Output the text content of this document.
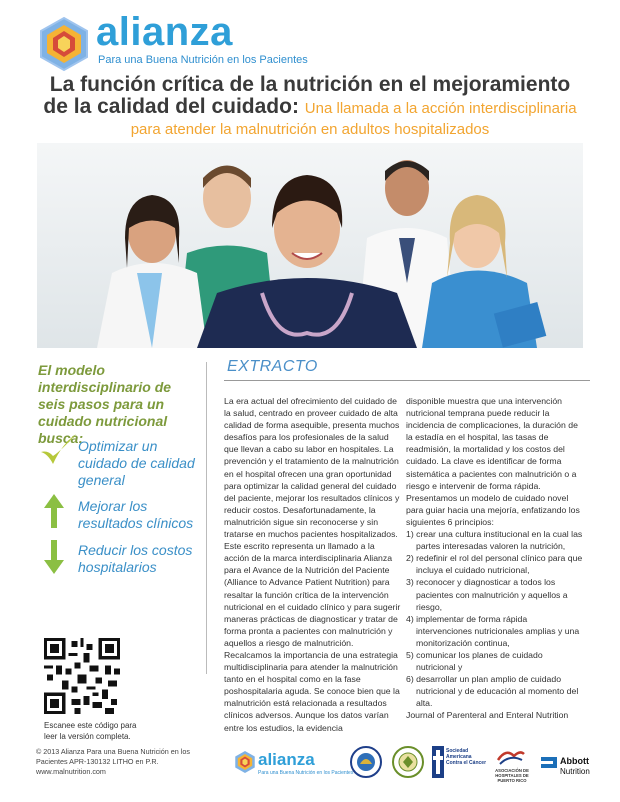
alianza
Para una Buena Nutrición en los Pacientes
La función crítica de la nutrición en el mejoramiento
de la calidad del cuidado: Una llamada a la acción interdisciplinaria
para atender la malnutrición en adultos hospitalizados
El modelo interdisciplinario de seis pasos para un cuidado nutricional busca:
Optimizar un cuidado de calidad general
Mejorar los resultados clínicos
Reducir los costos hospitalarios
Escanee este código para leer la versión completa.
© 2013 Alianza Para una Buena Nutrición en los Pacientes APR-130132 LITHO en P.R. www.malnutrition.com
EXTRACTO

La era actual del ofrecimiento del cuidado de la salud, centrado en proveer cuidado de alta calidad de forma asequible, presenta muchos desafíos para los profesionales de la salud que llevan a cabo su labor en hospitales. La prevención y el tratamiento de la malnutrición en el hospital ofrecen una gran oportunidad para optimizar la calidad general del cuidado del paciente, mejorar los resultados clínicos y reducir costos. Desafortunadamente, la malnutrición sigue sin reconocerse y sin tratarse en muchos pacientes hospitalizados. Este escrito representa un llamado a la acción de la marca interdisciplinaria Alianza para el Avance de la Nutrición del Paciente (Alliance to Advance Patient Nutrition) para resaltar la función crítica de la intervención nutricional en el cuidado clínico y para sugerir maneras prácticas de diagnosticar y tratar de forma pronta a pacientes con malnutrición y aquellos a riesgo de malnutrición. Recalcamos la importancia de una estrategia multidisciplinaria para atender la malnutrición tanto en el hospital como en la fase poshospitalaria aguda. Se conoce bien que la malnutrición está relacionada a resultados clínicos adversos. Aunque los datos varían entre los estudios, la evidencia

disponible muestra que una intervención nutricional temprana puede reducir la incidencia de complicaciones, la duración de la estadía en el hospital, las tasas de readmisión, la mortalidad y los costos del cuidado. La clave es identificar de forma sistemática a pacientes con malnutrición o a riesgo e intervenir de forma rápida. Presentamos un modelo de cuidado novel para guiar hacia una mejoría, enfatizando los siguientes 6 principios:

1) crear una cultura institucional en la cual las partes interesadas valoren la nutrición,
2) redefinir el rol del personal clínico para que incluya el cuidado nutricional,
3) reconocer y diagnosticar a todos los pacientes con malnutrición y aquellos a riesgo,
4) implementar de forma rápida intervenciones nutricionales amplias y una monitorización continua,
5) comunicar los planes de cuidado nutricional y
6) desarrollar un plan amplio de cuidado nutricional y de educación al momento del alta.

Journal of Parenteral and Enteral Nutrition

alianza
Para una Buena Nutrición en los Pacientes
Sociedad Americana Contra el Cáncer
ASOCIACIÓN DE HOSPITALES DE PUERTO RICO
Abbott
Nutrition
